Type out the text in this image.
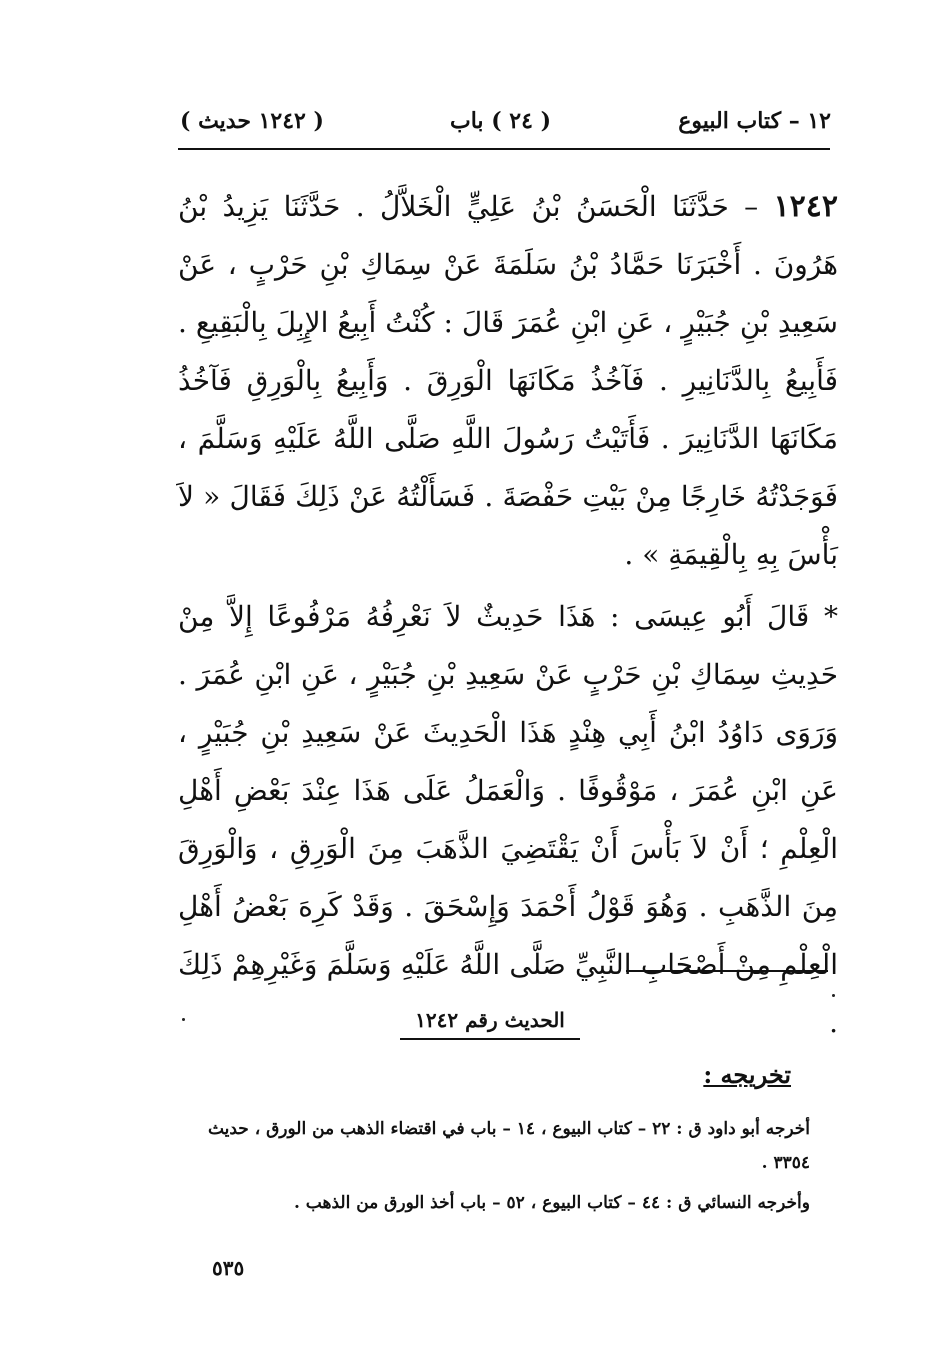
١٢ – كتاب البيوع
( ٢٤ ) باب
( ١٢٤٢ حديث )

١٢٤٢ – حَدَّثَنَا الْحَسَنُ بْنُ عَلِيٍّ الْخَلاَّلُ . حَدَّثَنَا يَزِيدُ بْنُ هَرُونَ . أَخْبَرَنَا حَمَّادُ بْنُ سَلَمَةَ عَنْ سِمَاكِ بْنِ حَرْبٍ ، عَنْ سَعِيدِ بْنِ جُبَيْرٍ ، عَنِ ابْنِ عُمَرَ قَالَ : كُنْتُ أَبِيعُ الإِبِلَ بِالْبَقِيعِ . فَأَبِيعُ بِالدَّنَانِيرِ . فَآخُذُ مَكَانَهَا الْوَرِقَ . وَأَبِيعُ بِالْوَرِقِ فَآخُذُ مَكَانَهَا الدَّنَانِيرَ . فَأَتَيْتُ رَسُولَ اللَّهِ صَلَّى اللَّهُ عَلَيْهِ وَسَلَّمَ ، فَوَجَدْتُهُ خَارِجًا مِنْ بَيْتِ حَفْصَةَ . فَسَأَلْتُهُ عَنْ ذَلِكَ فَقَالَ « لاَ بَأْسَ بِهِ بِالْقِيمَةِ » .

* قَالَ أَبُو عِيسَى : هَذَا حَدِيثٌ لاَ نَعْرِفُهُ مَرْفُوعًا إِلاَّ مِنْ حَدِيثِ سِمَاكِ بْنِ حَرْبٍ عَنْ سَعِيدِ بْنِ جُبَيْرٍ ، عَنِ ابْنِ عُمَرَ . وَرَوَى دَاوُدُ ابْنُ أَبِي هِنْدٍ هَذَا الْحَدِيثَ عَنْ سَعِيدِ بْنِ جُبَيْرٍ ، عَنِ ابْنِ عُمَرَ ، مَوْقُوفًا . وَالْعَمَلُ عَلَى هَذَا عِنْدَ بَعْضِ أَهْلِ الْعِلْمِ ؛ أَنْ لاَ بَأْسَ أَنْ يَقْتَضِيَ الذَّهَبَ مِنَ الْوَرِقِ ، وَالْوَرِقَ مِنَ الذَّهَبِ . وَهُوَ قَوْلُ أَحْمَدَ وَإِسْحَقَ . وَقَدْ كَرِهَ بَعْضُ أَهْلِ الْعِلْمِ مِنْ أَصْحَابِ النَّبِيِّ صَلَّى اللَّهُ عَلَيْهِ وَسَلَّمَ وَغَيْرِهِمْ ذَلِكَ .

الحديث رقم ١٢٤٢
تخريجه :

أخرجه أبو داود ق : ٢٢ – كتاب البيوع ، ١٤ – باب في اقتضاء الذهب من الورق ، حديث ٣٣٥٤ .

وأخرجه النسائي ق : ٤٤ – كتاب البيوع ، ٥٢ – باب أخذ الورق من الذهب .

٥٣٥
